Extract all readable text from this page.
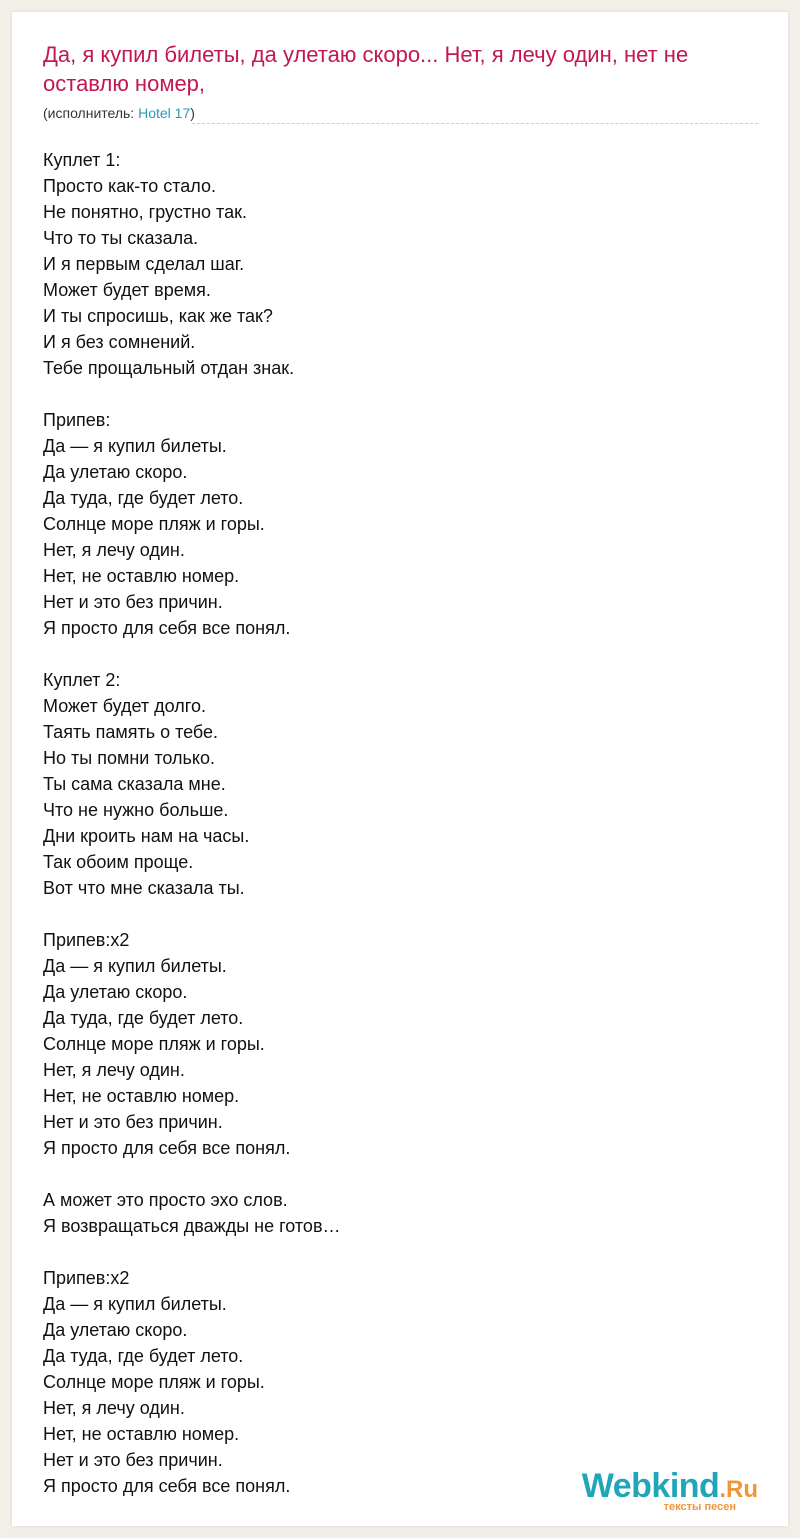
Да, я купил билеты, да улетаю скоро... Нет, я лечу один, нет не оставлю номер,
(исполнитель: Hotel 17)
Куплет 1:
Просто как-то стало.
Не понятно, грустно так.
Что то ты сказала.
И я первым сделал шаг.
Может будет время.
И ты спросишь, как же так?
И я без сомнений.
Тебе прощальный отдан знак.
Припев:
Да — я купил билеты.
Да улетаю скоро.
Да туда, где будет лето.
Солнце море пляж и горы.
Нет, я лечу один.
Нет, не оставлю номер.
Нет и это без причин.
Я просто для себя все понял.
Куплет 2:
Может будет долго.
Таять память о тебе.
Но ты помни только.
Ты сама сказала мне.
Что не нужно больше.
Дни кроить нам на часы.
Так обоим проще.
Вот что мне сказала ты.
Припев:x2
Да — я купил билеты.
Да улетаю скоро.
Да туда, где будет лето.
Солнце море пляж и горы.
Нет, я лечу один.
Нет, не оставлю номер.
Нет и это без причин.
Я просто для себя все понял.
А может это просто эхо слов.
Я возвращаться дважды не готов…
Припев:x2
Да — я купил билеты.
Да улетаю скоро.
Да туда, где будет лето.
Солнце море пляж и горы.
Нет, я лечу один.
Нет, не оставлю номер.
Нет и это без причин.
Я просто для себя все понял.	Webkind.Ru
тексты песен
